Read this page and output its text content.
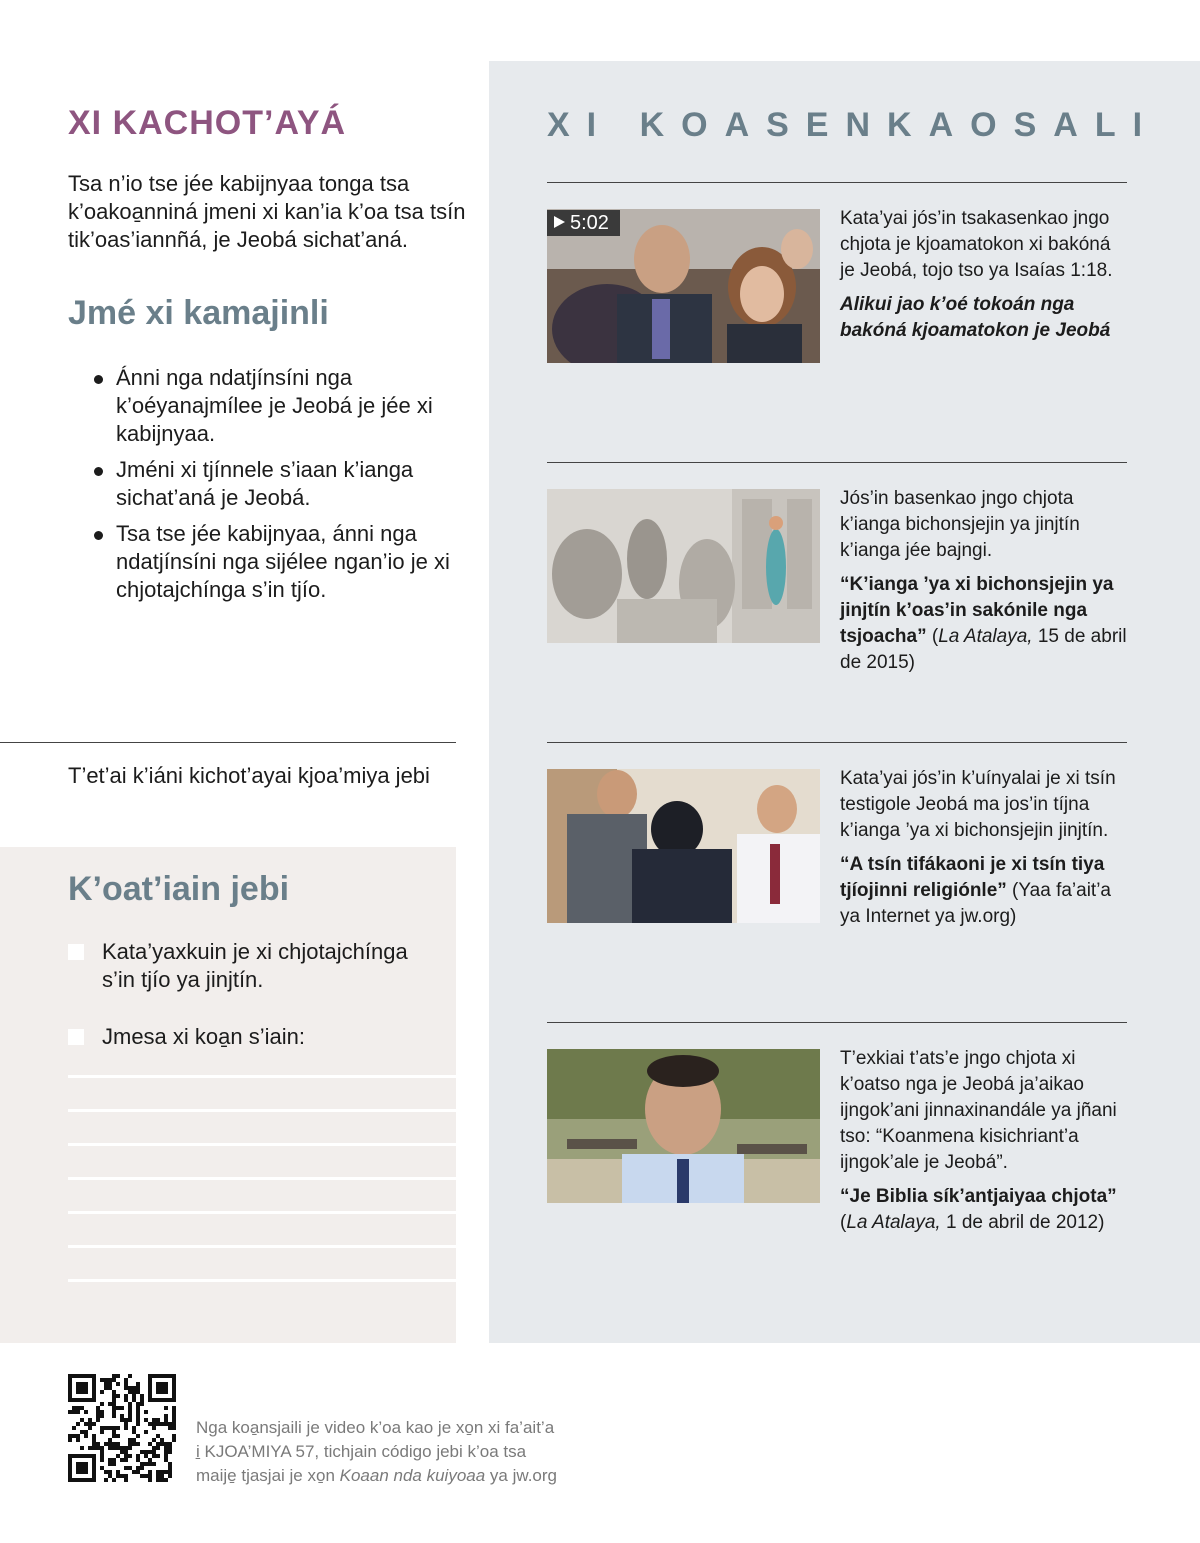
XI KACHOT’AYÁ
Tsa n’io tse jée kabijnyaa tonga tsa k’oakoa̱nniná jmeni xi kan’ia k’oa tsa tsín tik’oas’iannñá, je Jeobá sichat’aná.
Jmé xi kamajinli
Ánni nga ndatjínsíni nga k’oéyanajmílee je Jeobá je jée xi kabijnyaa.
Jméni xi tjínnele s’iaan k’ianga sichat’aná je Jeobá.
Tsa tse jée kabijnyaa, ánni nga ndatjínsíni nga sijélee ngan’io je xi chjotajchínga s’in tjío.
T’et’ai k’iáni kichot’ayai kjoa’miya jebi
K’oat’iain jebi
Kata’yaxkuin je xi chjotajchínga s’in tjío ya jinjtín.
Jmesa xi koa̱n s’iain:
XI KOASENKAOSALI
5:02	Kata’yai jós’in tsakasenkao jngo chjota je kjoamatokon xi bakóná je Jeobá, tojo tso ya Isaías 1:18.
Alikui jao k’oé tokoán nga bakóná kjoamatokon je Jeobá
Jós’in basenkao jngo chjota k’ianga bichonsjejin ya jinjtín k’ianga jée bajngi.
“K’ianga ’ya xi bichonsjejin ya jinjtín k’oas’in sakónile nga tsjoacha” (La Atalaya, 15 de abril de 2015)
Kata’yai jós’in k’uínyalai je xi tsín testigole Jeobá ma jos’in tíjna k’ianga ’ya xi bichonsjejin jinjtín.
“A tsín tifákaoni je xi tsín tiya tjíojinni religiónle” (Yaa fa’ait’a ya Internet ya jw.org)
T’exkiai t’ats’e jngo chjota xi k’oatso nga je Jeobá ja’aikao ijngok’ani jinnaxinandále ya jñani tso: “Koanmena kisichriant’a ijngok’ale je Jeobá”.
“Je Biblia sík’antjaiyaa chjota” (La Atalaya, 1 de abril de 2012)
Nga koa̱nsjaili je video k’oa kao je xo̱n xi fa’ait’a
i̱ KJOA’MIYA 57, tichjain código jebi k’oa tsa
maije̱ tjasjai je xo̱n Koaan nda kuiyoaa ya jw.org
